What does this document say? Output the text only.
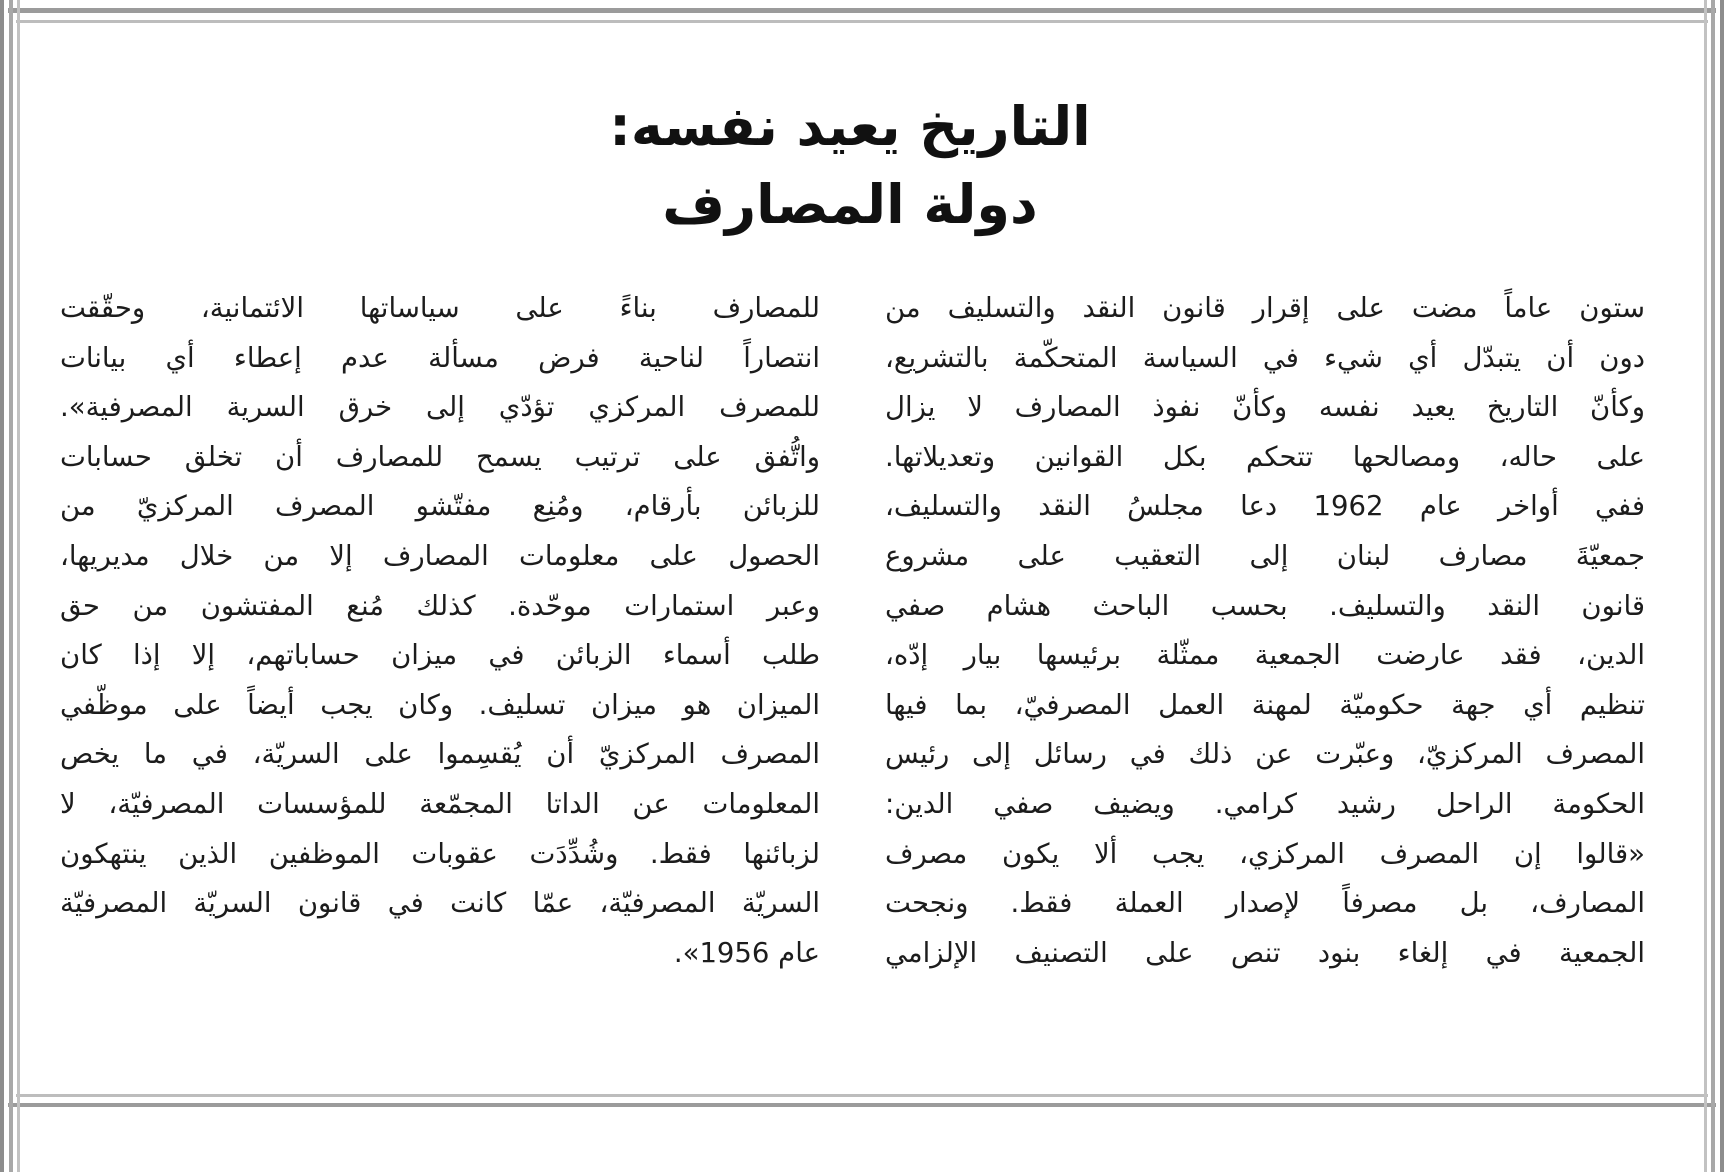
التاريخ يعيد نفسه:
دولة المصارف
ستون عاماً مضت على إقرار قانون النقد والتسليف من
دون أن يتبدّل أي شيء في السياسة المتحكّمة بالتشريع،
وكأنّ التاريخ يعيد نفسه وكأنّ نفوذ المصارف لا يزال
على حاله، ومصالحها تتحكم بكل القوانين وتعديلاتها.
ففي أواخر عام 1962 دعا مجلسُ النقد والتسليف،
جمعيّةَ مصارف لبنان إلى التعقيب على مشروع
قانون النقد والتسليف. بحسب الباحث هشام صفي
الدين، فقد عارضت الجمعية ممثّلة برئيسها بيار إدّه،
تنظيم أي جهة حكوميّة لمهنة العمل المصرفيّ، بما فيها
المصرف المركزيّ، وعبّرت عن ذلك في رسائل إلى رئيس
الحكومة الراحل رشيد كرامي. ويضيف صفي الدين:
«قالوا إن المصرف المركزي، يجب ألا يكون مصرف
المصارف، بل مصرفاً لإصدار العملة فقط. ونجحت
الجمعية في إلغاء بنود تنص على التصنيف الإلزامي
للمصارف بناءً على سياساتها الائتمانية، وحقّقت
انتصاراً لناحية فرض مسألة عدم إعطاء أي بيانات
للمصرف المركزي تؤدّي إلى خرق السرية المصرفية».
واتُّفق على ترتيب يسمح للمصارف أن تخلق حسابات
للزبائن بأرقام، ومُنِع مفتّشو المصرف المركزيّ من
الحصول على معلومات المصارف إلا من خلال مديريها،
وعبر استمارات موحّدة. كذلك مُنع المفتشون من حق
طلب أسماء الزبائن في ميزان حساباتهم، إلا إذا كان
الميزان هو ميزان تسليف. وكان يجب أيضاً على موظّفي
المصرف المركزيّ أن يُقسِموا على السريّة، في ما يخص
المعلومات عن الداتا المجمّعة للمؤسسات المصرفيّة، لا
لزبائنها فقط. وشُدِّدَت عقوبات الموظفين الذين ينتهكون
السريّة المصرفيّة، عمّا كانت في قانون السريّة المصرفيّة
عام 1956».
